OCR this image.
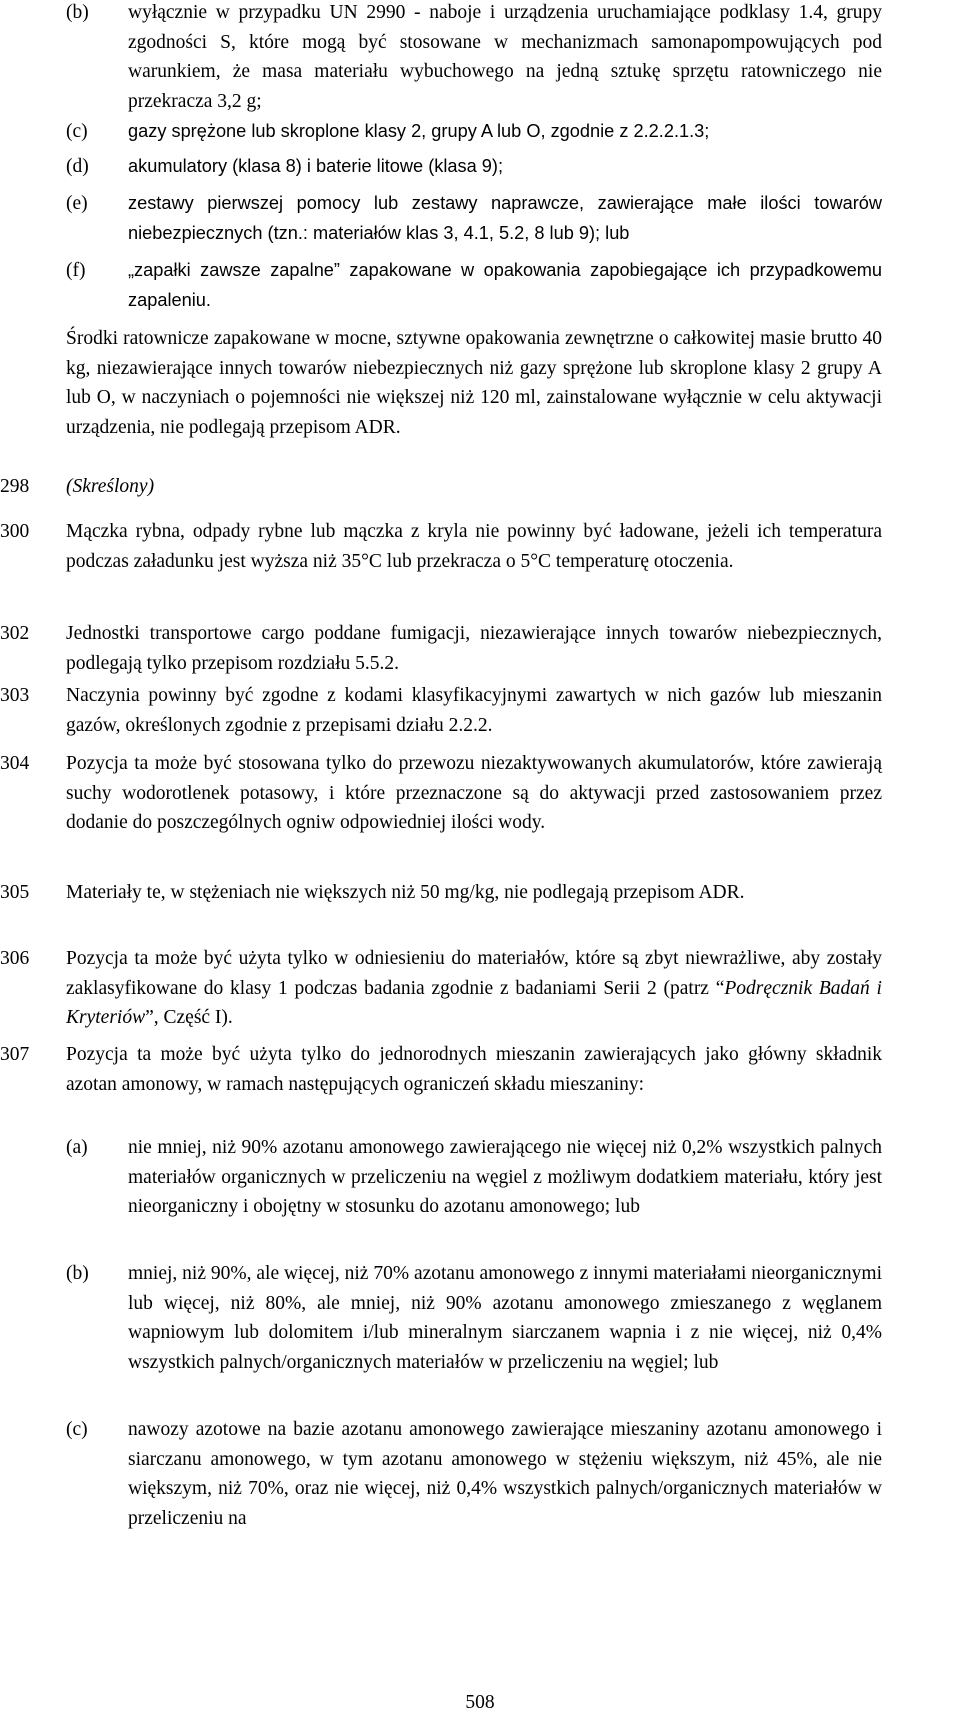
(b) wyłącznie w przypadku UN 2990 - naboje i urządzenia uruchamiające podklasy 1.4, grupy zgodności S, które mogą być stosowane w mechanizmach samonapompowujących pod warunkiem, że masa materiału wybuchowego na jedną sztukę sprzętu ratowniczego nie przekracza 3,2 g;
(c) gazy sprężone lub skroplone klasy 2, grupy A lub O, zgodnie z 2.2.2.1.3;
(d) akumulatory (klasa 8) i baterie litowe (klasa 9);
(e) zestawy pierwszej pomocy lub zestawy naprawcze, zawierające małe ilości towarów niebezpiecznych (tzn.: materiałów klas 3, 4.1, 5.2, 8 lub 9); lub
(f) „zapałki zawsze zapalne” zapakowane w opakowania zapobiegające ich przypadkowemu zapaleniu.
Środki ratownicze zapakowane w mocne, sztywne opakowania zewnętrzne o całkowitej masie brutto 40 kg, niezawierające innych towarów niebezpiecznych niż gazy sprężone lub skroplone klasy 2 grupy A lub O, w naczyniach o pojemności nie większej niż 120 ml, zainstalowane wyłącznie w celu aktywacji urządzenia, nie podlegają przepisom ADR.
298	(Skreślony)
300	Mączka rybna, odpady rybne lub mączka z kryla nie powinny być ładowane, jeżeli ich temperatura podczas załadunku jest wyższa niż 35°C lub przekracza o 5°C temperaturę otoczenia.
302	Jednostki transportowe cargo poddane fumigacji, niezawierające innych towarów niebezpiecznych, podlegają tylko przepisom rozdziału 5.5.2.
303	Naczynia powinny być zgodne z kodami klasyfikacyjnymi zawartych w nich gazów lub mieszanin gazów, określonych zgodnie z przepisami działu 2.2.2.
304	Pozycja ta może być stosowana tylko do przewozu niezaktywowanych akumulatorów, które zawierają suchy wodorotlenek potasowy, i które przeznaczone są do aktywacji przed zastosowaniem przez dodanie do poszczególnych ogniw odpowiedniej ilości wody.
305	Materiały te, w stężeniach nie większych niż 50 mg/kg, nie podlegają przepisom ADR.
306	Pozycja ta może być użyta tylko w odniesieniu do materiałów, które są zbyt niewrażliwe, aby zostały zaklasyfikowane do klasy 1 podczas badania zgodnie z badaniami Serii 2 (patrz “Podręcznik Badań i Kryteriów”, Część I).
307	Pozycja ta może być użyta tylko do jednorodnych mieszanin zawierających jako główny składnik azotan amonowy, w ramach następujących ograniczeń składu mieszaniny:
(a) nie mniej, niż 90% azotanu amonowego zawierającego nie więcej niż 0,2% wszystkich palnych materiałów organicznych w przeliczeniu na węgiel z możliwym dodatkiem materiału, który jest nieorganiczny i obojętny w stosunku do azotanu amonowego; lub
(b) mniej, niż 90%, ale więcej, niż 70% azotanu amonowego z innymi materiałami nieorganicznymi lub więcej, niż 80%, ale mniej, niż 90% azotanu amonowego zmieszanego z węglanem wapniowym lub dolomitem i/lub mineralnym siarczanem wapnia i z nie więcej, niż 0,4% wszystkich palnych/organicznych materiałów w przeliczeniu na węgiel; lub
(c) nawozy azotowe na bazie azotanu amonowego zawierające mieszaniny azotanu amonowego i siarczanu amonowego, w tym azotanu amonowego w stężeniu większym, niż 45%, ale nie większym, niż 70%, oraz nie więcej, niż 0,4% wszystkich palnych/organicznych materiałów w przeliczeniu na
508
